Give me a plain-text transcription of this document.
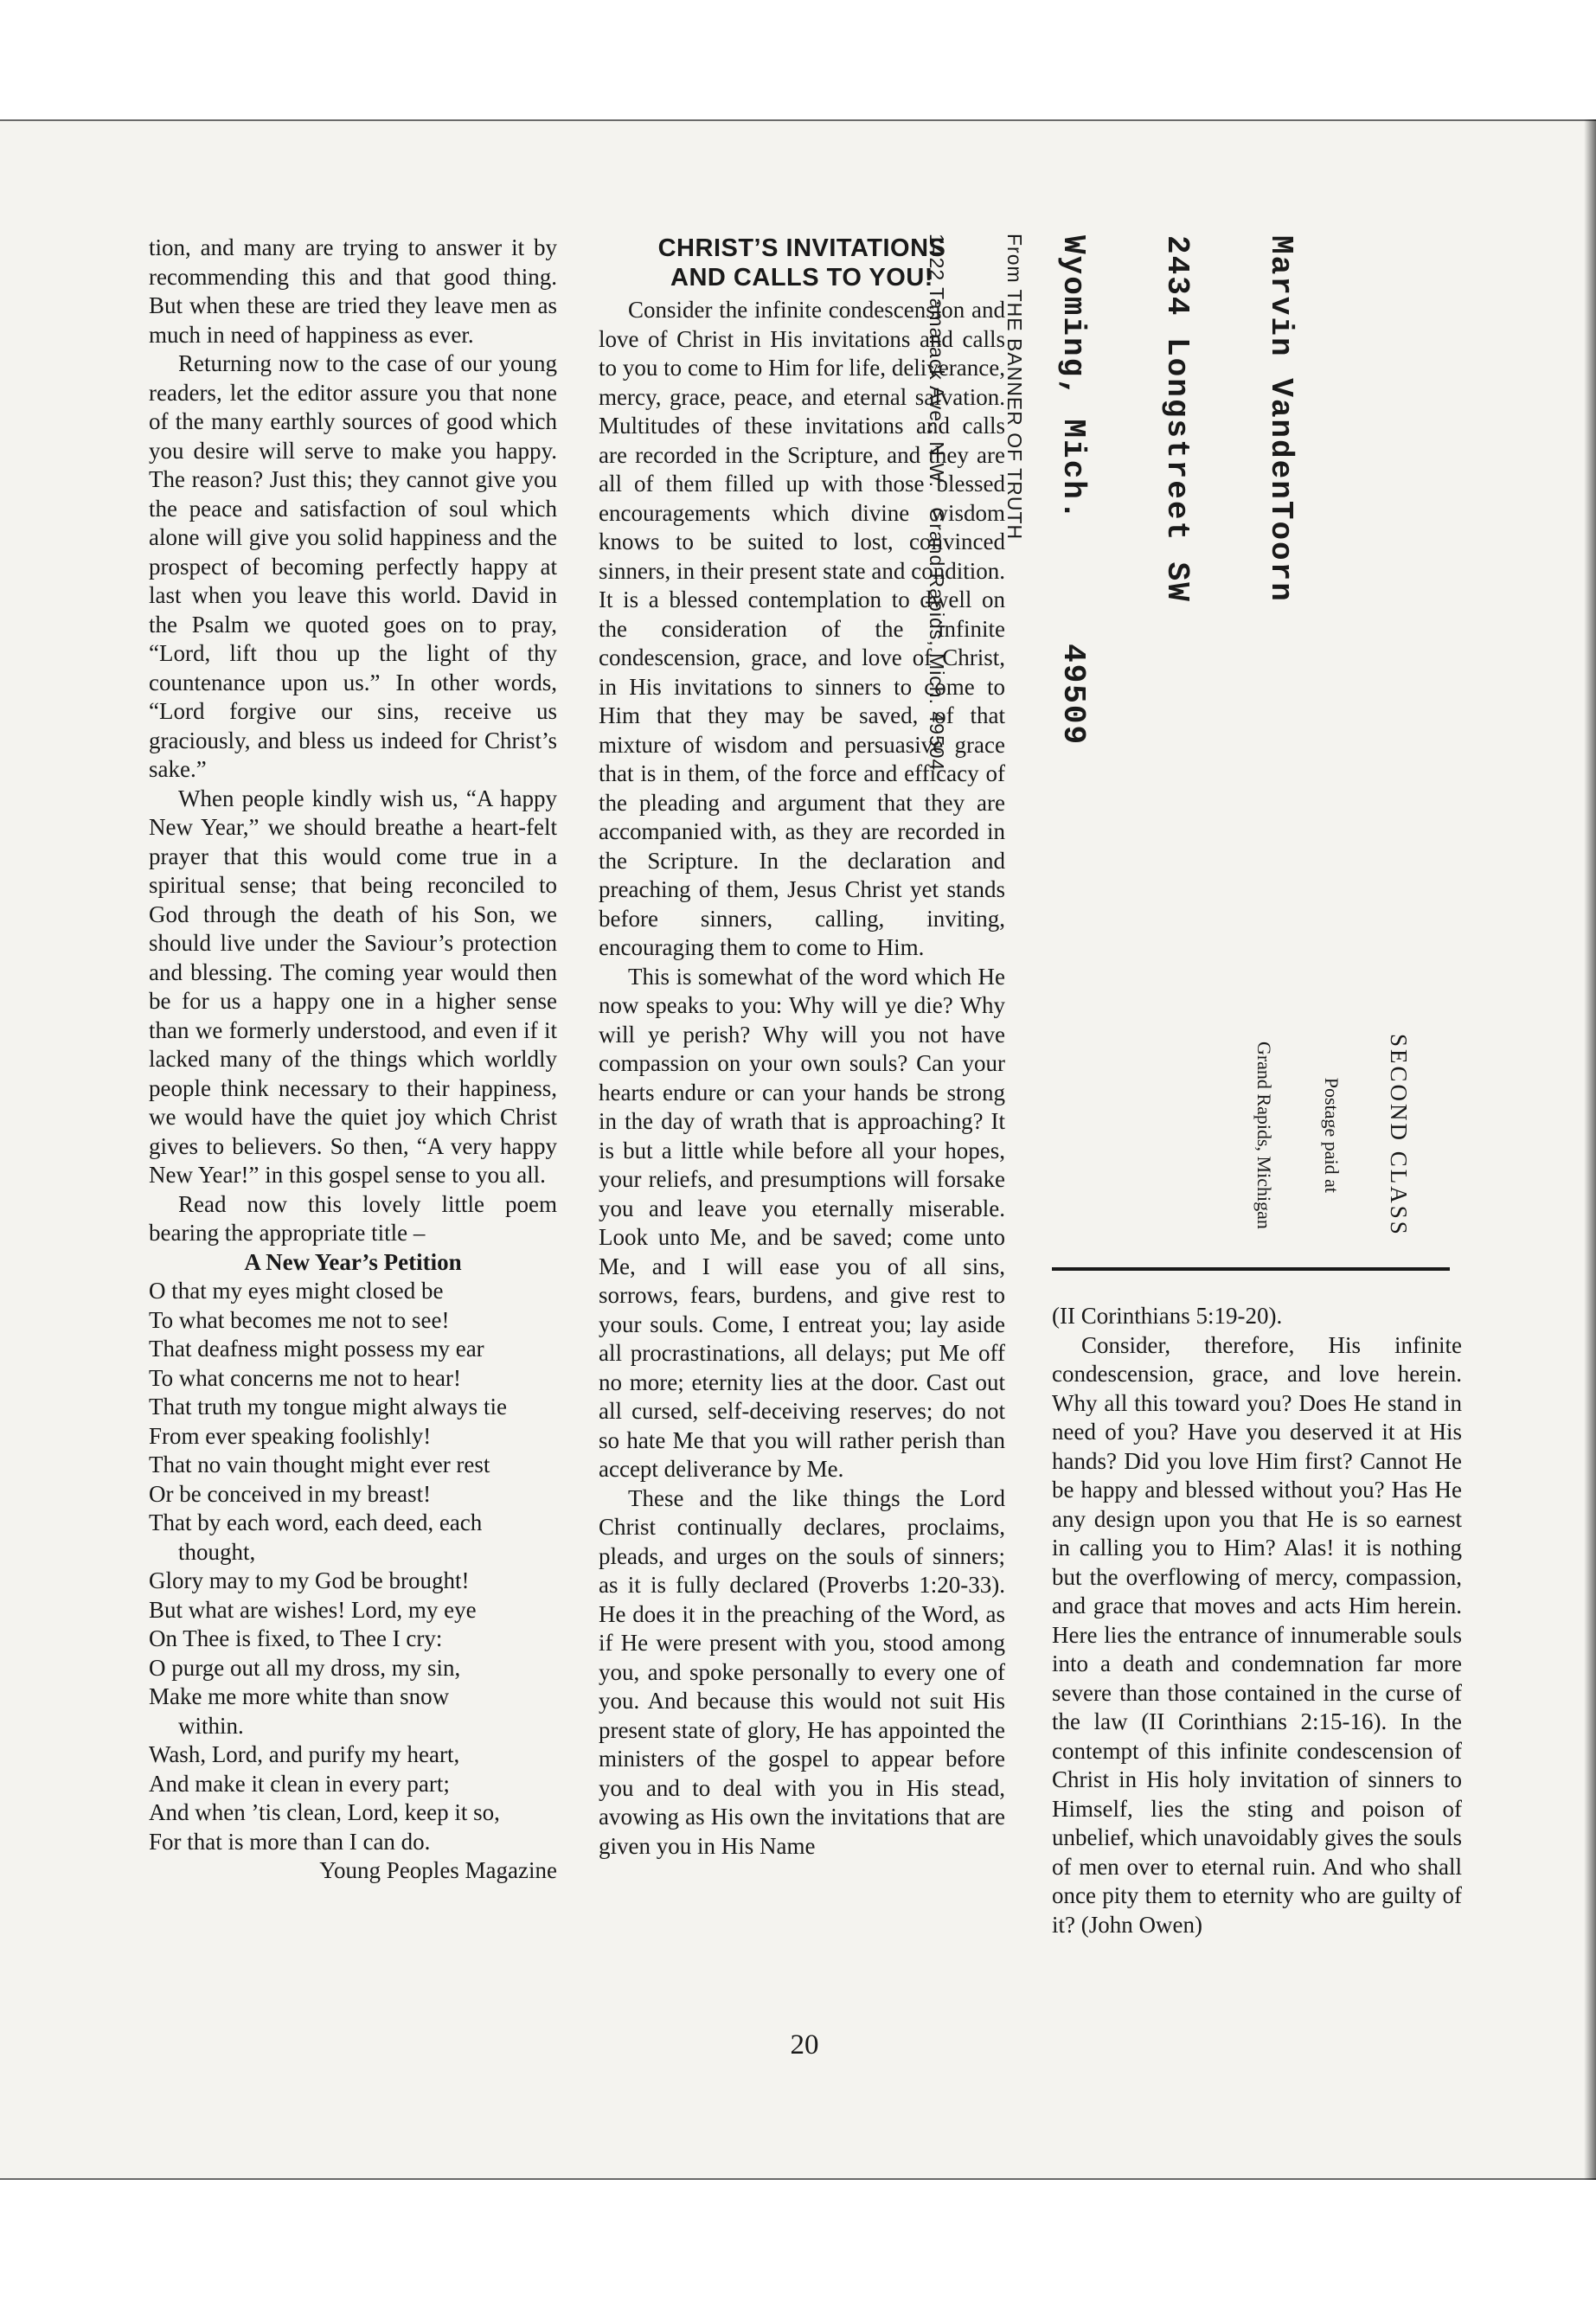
tion, and many are trying to answer it by recommending this and that good thing. But when these are tried they leave men as much in need of happiness as ever.

Returning now to the case of our young readers, let the editor assure you that none of the many earthly sources of good which you desire will serve to make you happy. The reason? Just this; they cannot give you the peace and satisfaction of soul which alone will give you solid happiness and the prospect of becoming perfectly happy at last when you leave this world. David in the Psalm we quoted goes on to pray, “Lord, lift thou up the light of thy countenance upon us.” In other words, “Lord forgive our sins, receive us graciously, and bless us indeed for Christ’s sake.”

When people kindly wish us, “A happy New Year,” we should breathe a heart-felt prayer that this would come true in a spiritual sense; that being reconciled to God through the death of his Son, we should live under the Saviour’s protection and blessing. The coming year would then be for us a happy one in a higher sense than we formerly understood, and even if it lacked many of the things which worldly people think necessary to their happiness, we would have the quiet joy which Christ gives to believers. So then, “A very happy New Year!” in this gospel sense to you all.

Read now this lovely little poem bearing the appropriate title –

A New Year’s Petition

O that my eyes might closed be
To what becomes me not to see!
That deafness might possess my ear
To what concerns me not to hear!
That truth my tongue might always tie
From ever speaking foolishly!
That no vain thought might ever rest
Or be conceived in my breast!
That by each word, each deed, each
thought,
Glory may to my God be brought!
But what are wishes! Lord, my eye
On Thee is fixed, to Thee I cry:
O purge out all my dross, my sin,
Make me more white than snow
within.
Wash, Lord, and purify my heart,
And make it clean in every part;
And when ’tis clean, Lord, keep it so,
For that is more than I can do.

Young Peoples Magazine

CHRIST’S INVITATIONS
AND CALLS TO YOU!

Consider the infinite condescension and love of Christ in His invitations and calls to you to come to Him for life, deliverance, mercy, grace, peace, and eternal salvation. Multitudes of these invitations and calls are recorded in the Scripture, and they are all of them filled up with those blessed encouragements which divine wisdom knows to be suited to lost, convinced sinners, in their present state and condition. It is a blessed contemplation to dwell on the consideration of the infinite condescension, grace, and love of Christ, in His invitations to sinners to come to Him that they may be saved, of that mixture of wisdom and persuasive grace that is in them, of the force and efficacy of the pleading and argument that they are accompanied with, as they are recorded in the Scripture. In the declaration and preaching of them, Jesus Christ yet stands before sinners, calling, inviting, encouraging them to come to Him.

This is somewhat of the word which He now speaks to you: Why will ye die? Why will ye perish? Why will you not have compassion on your own souls? Can your hearts endure or can your hands be strong in the day of wrath that is approaching? It is but a little while before all your hopes, your reliefs, and presumptions will forsake you and leave you eternally miserable. Look unto Me, and be saved; come unto Me, and I will ease you of all sins, sorrows, fears, burdens, and give rest to your souls. Come, I entreat you; lay aside all procrastinations, all delays; put Me off no more; eternity lies at the door. Cast out all cursed, self-deceiving reserves; do not so hate Me that you will rather perish than accept deliverance by Me.

These and the like things the Lord Christ continually declares, proclaims, pleads, and urges on the souls of sinners; as it is fully declared (Proverbs 1:20-33). He does it in the preaching of the Word, as if He were present with you, stood among you, and spoke personally to every one of you. And because this would not suit His present state of glory, He has appointed the ministers of the gospel to appear before you and to deal with you in His stead, avowing as His own the invitations that are given you in His Name

From THE BANNER OF TRUTH

1422 Tamarack Ave., N.W.   Grand Rapids, Mich. 49504

	Marvin VandenToorn

2434 Longstreet SW

Wyoming, Mich.      49509

SECOND CLASS

Postage paid at

Grand Rapids, Michigan

(II Corinthians 5:19-20).

Consider, therefore, His infinite condescension, grace, and love herein. Why all this toward you? Does He stand in need of you? Have you deserved it at His hands? Did you love Him first? Cannot He be happy and blessed without you? Has He any design upon you that He is so earnest in calling you to Him? Alas! it is nothing but the overflowing of mercy, compassion, and grace that moves and acts Him herein. Here lies the entrance of innumerable souls into a death and condemnation far more severe than those contained in the curse of the law (II Corinthians 2:15-16). In the contempt of this infinite condescension of Christ in His holy invitation of sinners to Himself, lies the sting and poison of unbelief, which unavoidably gives the souls of men over to eternal ruin. And who shall once pity them to eternity who are guilty of it? (John Owen)

20
